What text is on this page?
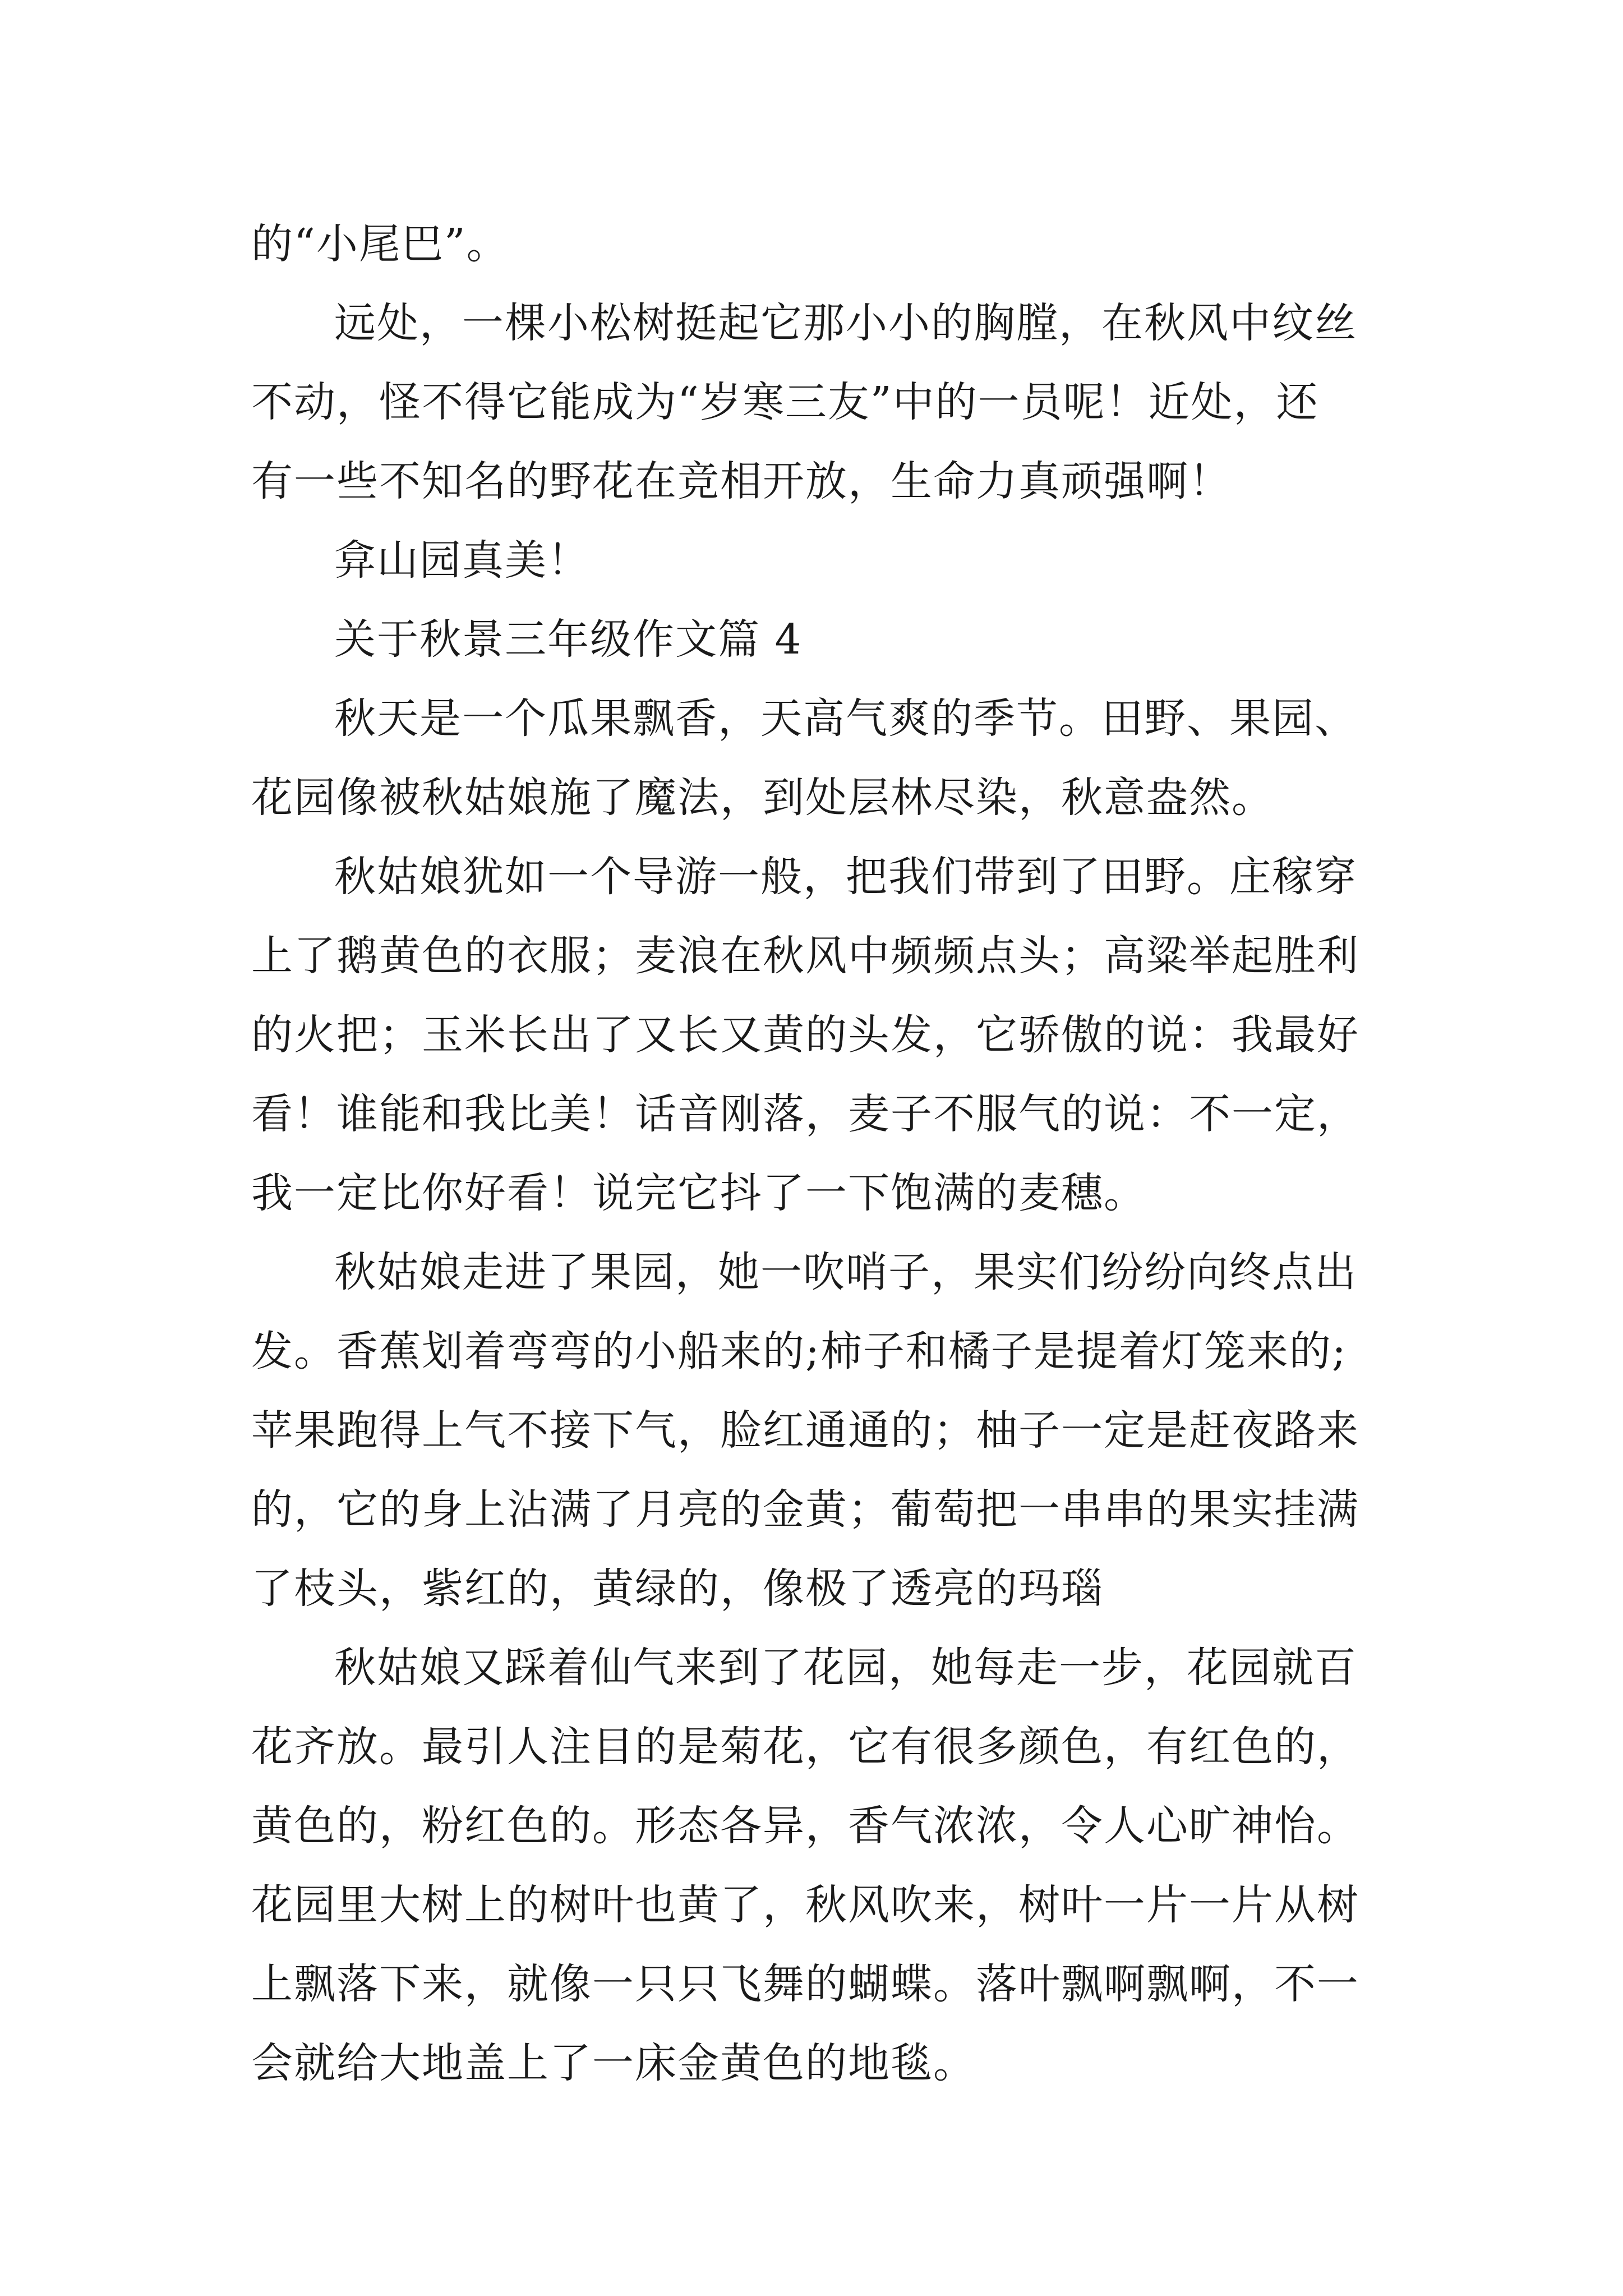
的“小尾巴”。
远处，一棵小松树挺起它那小小的胸膛，在秋风中纹丝
不动，怪不得它能成为“岁寒三友”中的一员呢！近处，还
有一些不知名的野花在竞相开放，生命力真顽强啊！
弇山园真美！
关于秋景三年级作文篇 4
秋天是一个瓜果飘香，天高气爽的季节。田野、果园、
花园像被秋姑娘施了魔法，到处层林尽染，秋意盎然。
秋姑娘犹如一个导游一般，把我们带到了田野。庄稼穿
上了鹅黄色的衣服；麦浪在秋风中频频点头；高粱举起胜利
的火把；玉米长出了又长又黄的头发，它骄傲的说：我最好
看！谁能和我比美！话音刚落，麦子不服气的说：不一定，
我一定比你好看！说完它抖了一下饱满的麦穗。
秋姑娘走进了果园，她一吹哨子，果实们纷纷向终点出
发。香蕉划着弯弯的小船来的;柿子和橘子是提着灯笼来的;
苹果跑得上气不接下气，脸红通通的；柚子一定是赶夜路来
的，它的身上沾满了月亮的金黄；葡萄把一串串的果实挂满
了枝头，紫红的，黄绿的，像极了透亮的玛瑙
秋姑娘又踩着仙气来到了花园，她每走一步，花园就百
花齐放。最引人注目的是菊花，它有很多颜色，有红色的，
黄色的，粉红色的。形态各异，香气浓浓，令人心旷神怡。
花园里大树上的树叶也黄了，秋风吹来，树叶一片一片从树
上飘落下来，就像一只只飞舞的蝴蝶。落叶飘啊飘啊，不一
会就给大地盖上了一床金黄色的地毯。
